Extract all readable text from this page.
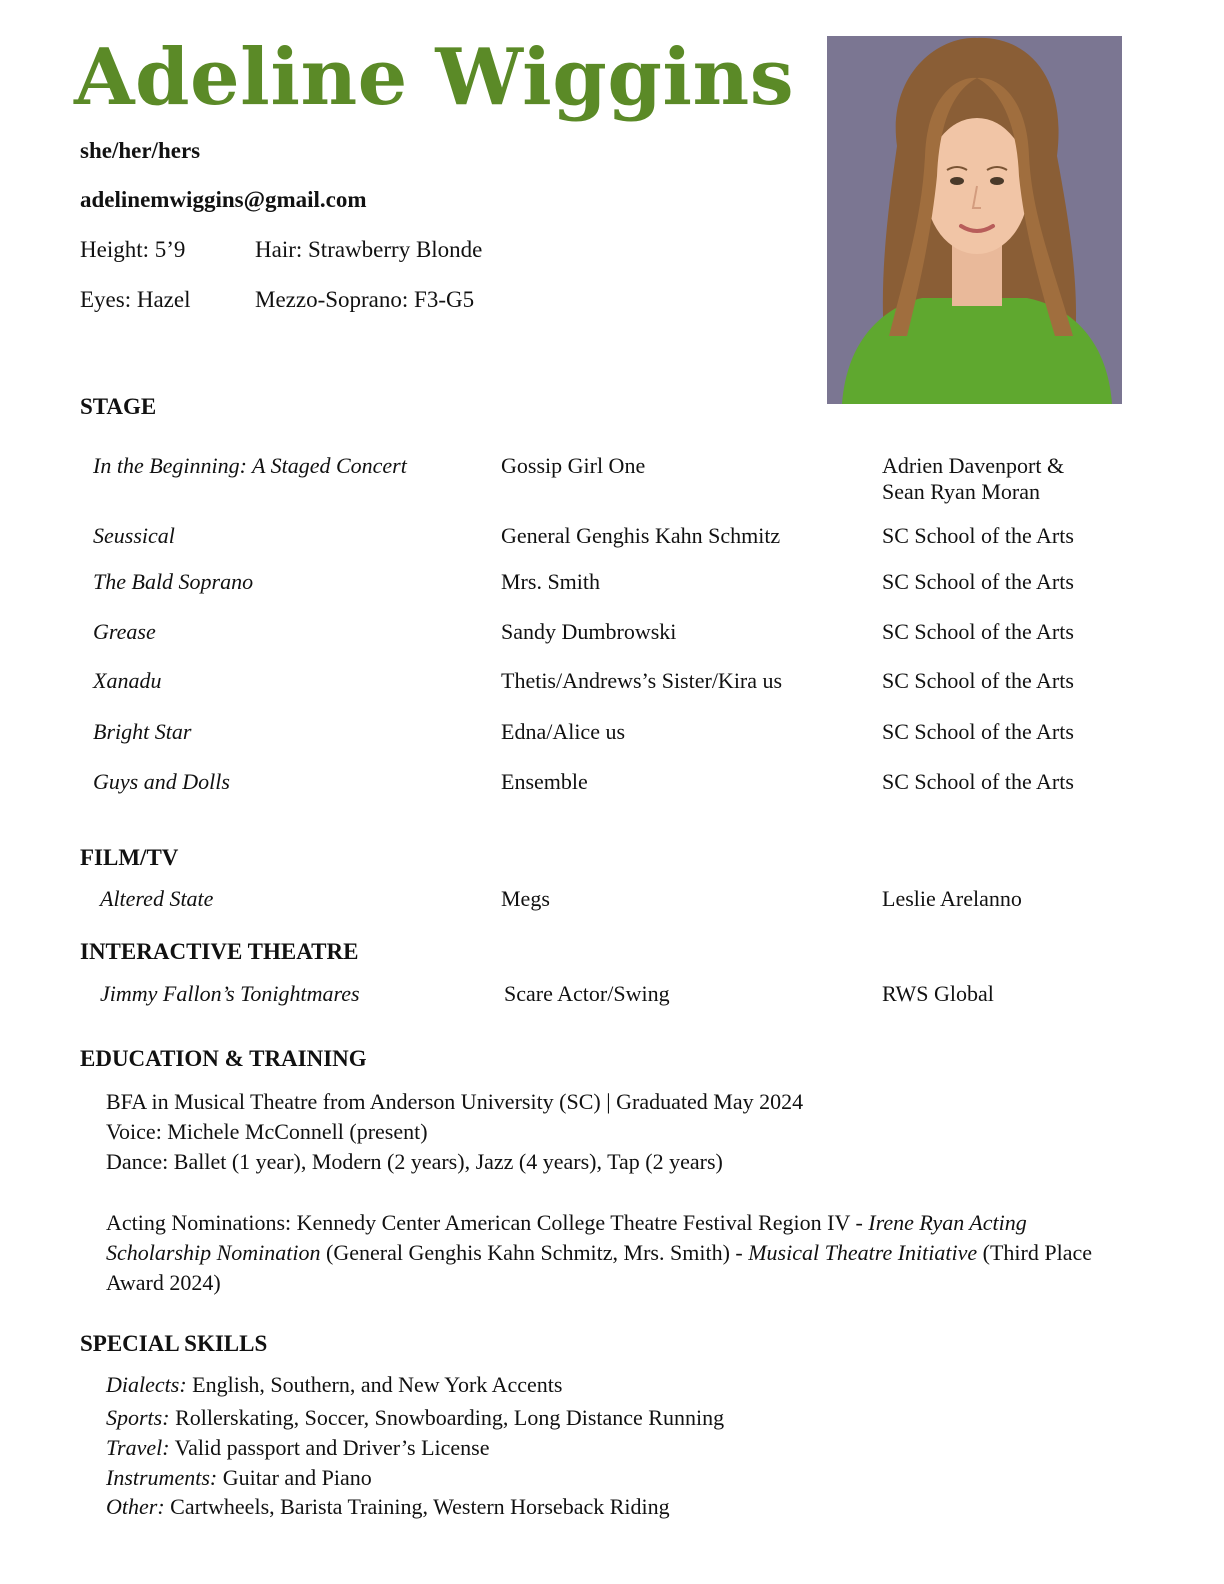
Adeline Wiggins

she/her/hers

adelinemwiggins@gmail.com

Height: 5’9	Hair: Strawberry Blonde

Eyes: Hazel	Mezzo-Soprano: F3-G5

STAGE

In the Beginning: A Staged Concert	Gossip Girl One	Adrien Davenport &

Sean Ryan Moran

Seussical	General Genghis Kahn Schmitz	SC School of the Arts

The Bald Soprano	Mrs. Smith	SC School of the Arts

Grease	Sandy Dumbrowski	SC School of the Arts

Xanadu	Thetis/Andrews’s Sister/Kira us	SC School of the Arts

Bright Star	Edna/Alice us	SC School of the Arts

Guys and Dolls	Ensemble	SC School of the Arts

FILM/TV

Altered State	Megs	Leslie Arelanno

INTERACTIVE THEATRE

Jimmy Fallon’s Tonightmares	Scare Actor/Swing	RWS Global

EDUCATION & TRAINING
BFA in Musical Theatre from Anderson University (SC) | Graduated May 2024
Voice: Michele McConnell (present)
Dance: Ballet (1 year), Modern (2 years), Jazz (4 years), Tap (2 years)

Acting Nominations: Kennedy Center American College Theatre Festival Region IV - Irene Ryan Acting Scholarship Nomination (General Genghis Kahn Schmitz, Mrs. Smith) - Musical Theatre Initiative (Third Place Award 2024)

SPECIAL SKILLS

Dialects: English, Southern, and New York Accents

Sports: Rollerskating, Soccer, Snowboarding, Long Distance Running

Travel: Valid passport and Driver’s License

Instruments: Guitar and Piano

Other: Cartwheels, Barista Training, Western Horseback Riding
